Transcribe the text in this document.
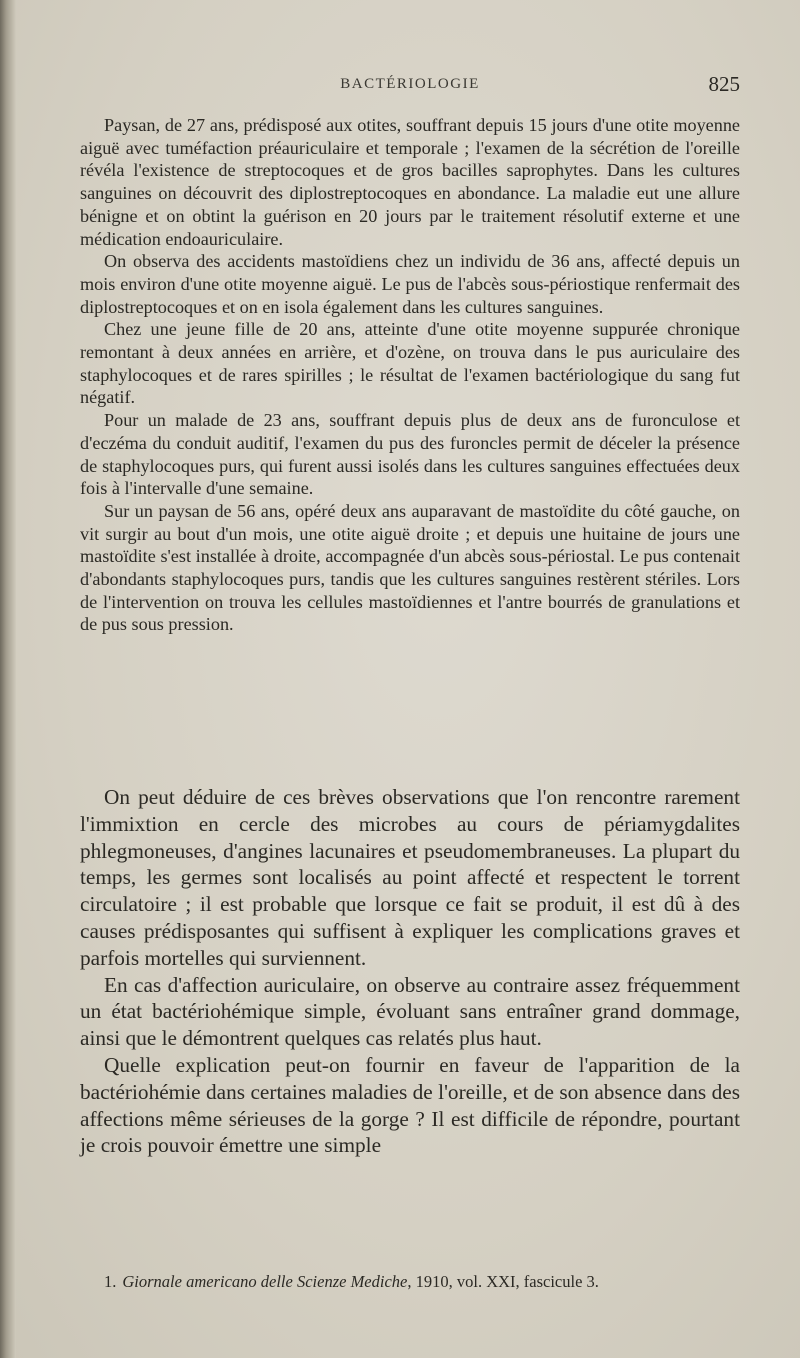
BACTÉRIOLOGIE	825

Paysan, de 27 ans, prédisposé aux otites, souffrant depuis 15 jours d'une otite moyenne aiguë avec tuméfaction préauriculaire et temporale ; l'examen de la sécrétion de l'oreille révéla l'existence de streptocoques et de gros bacilles saprophytes. Dans les cultures sanguines on découvrit des diplostreptocoques en abondance. La maladie eut une allure bénigne et on obtint la guérison en 20 jours par le traitement résolutif externe et une médication endoauriculaire.

On observa des accidents mastoïdiens chez un individu de 36 ans, affecté depuis un mois environ d'une otite moyenne aiguë. Le pus de l'abcès sous-périostique renfermait des diplostreptocoques et on en isola également dans les cultures sanguines.

Chez une jeune fille de 20 ans, atteinte d'une otite moyenne suppurée chronique remontant à deux années en arrière, et d'ozène, on trouva dans le pus auriculaire des staphylocoques et de rares spirilles ; le résultat de l'examen bactériologique du sang fut négatif.

Pour un malade de 23 ans, souffrant depuis plus de deux ans de furonculose et d'eczéma du conduit auditif, l'examen du pus des furoncles permit de déceler la présence de staphylocoques purs, qui furent aussi isolés dans les cultures sanguines effectuées deux fois à l'intervalle d'une semaine.

Sur un paysan de 56 ans, opéré deux ans auparavant de mastoïdite du côté gauche, on vit surgir au bout d'un mois, une otite aiguë droite ; et depuis une huitaine de jours une mastoïdite s'est installée à droite, accompagnée d'un abcès sous-périostal. Le pus contenait d'abondants staphylocoques purs, tandis que les cultures sanguines restèrent stériles. Lors de l'intervention on trouva les cellules mastoïdiennes et l'antre bourrés de granulations et de pus sous pression.

On peut déduire de ces brèves observations que l'on rencontre rarement l'immixtion en cercle des microbes au cours de périamygdalites phlegmoneuses, d'angines lacunaires et pseudomembraneuses. La plupart du temps, les germes sont localisés au point affecté et respectent le torrent circulatoire ; il est probable que lorsque ce fait se produit, il est dû à des causes prédisposantes qui suffisent à expliquer les complications graves et parfois mortelles qui surviennent.

En cas d'affection auriculaire, on observe au contraire assez fréquemment un état bactériohémique simple, évoluant sans entraîner grand dommage, ainsi que le démontrent quelques cas relatés plus haut.

Quelle explication peut-on fournir en faveur de l'apparition de la bactériohémie dans certaines maladies de l'oreille, et de son absence dans des affections même sérieuses de la gorge ? Il est difficile de répondre, pourtant je crois pouvoir émettre une simple

1. Giornale americano delle Scienze Mediche, 1910, vol. XXI, fascicule 3.
